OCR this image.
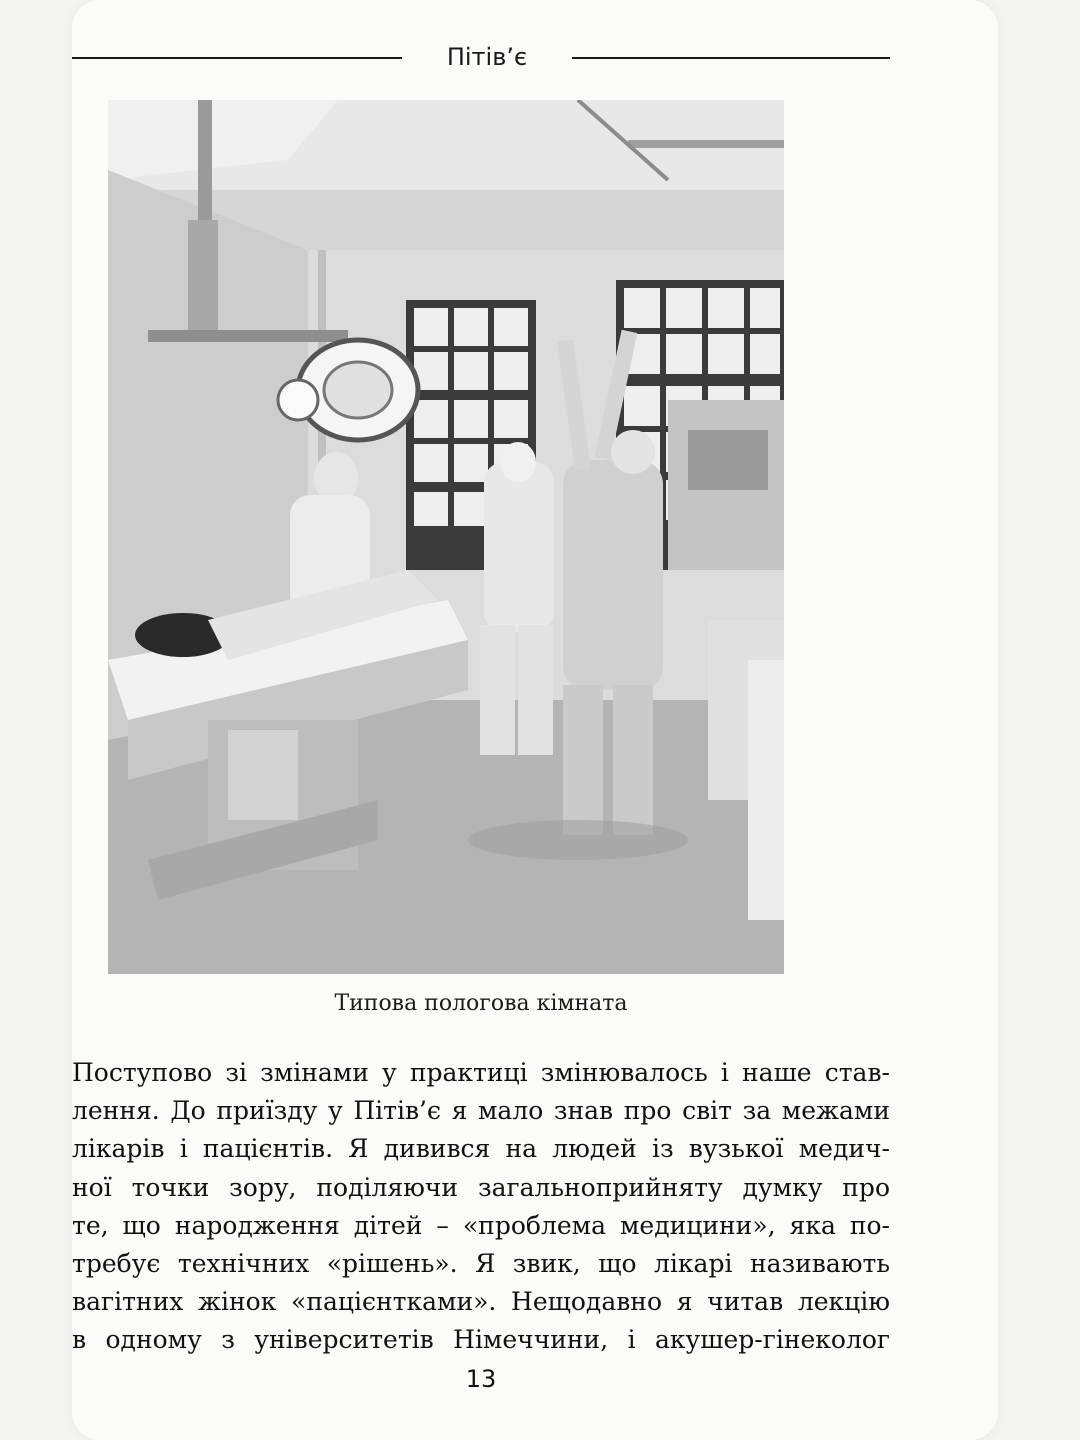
Пітів’є
Типова пологова кімната
Поступово зі змінами у практиці змінювалось і наше став-
лення. До приїзду у Пітів’є я мало знав про світ за межами
лікарів і пацієнтів. Я дивився на людей із вузької медич-
ної точки зору, поділяючи загальноприйняту думку про
те, що народження дітей – «проблема медицини», яка по-
требує технічних «рішень». Я звик, що лікарі називають
вагітних жінок «пацієнтками». Нещодавно я читав лекцію
в одному з університетів Німеччини, і акушер-гінеколог
13
